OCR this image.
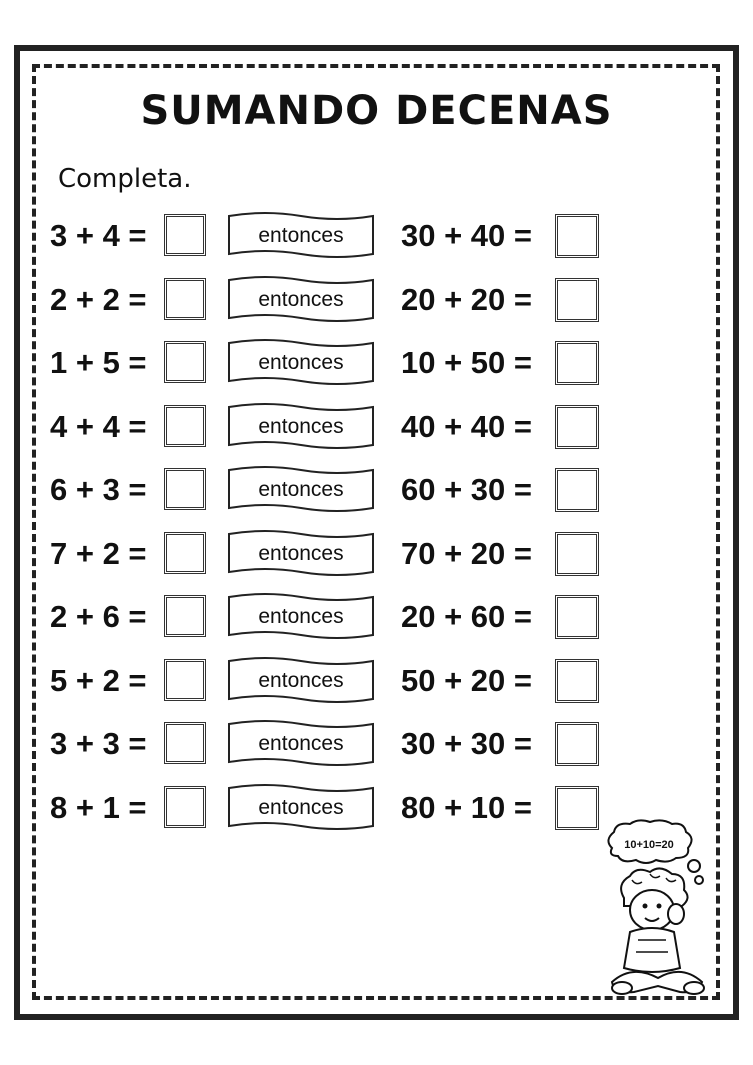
SUMANDO DECENAS
Completa.
3 + 4 =	entonces	30 + 40 =
2 + 2 =	entonces	20 + 20 =
1 + 5 =	entonces	10 + 50 =
4 + 4 =	entonces	40 + 40 =
6 + 3 =	entonces	60 + 30 =
7 + 2 =	entonces	70 + 20 =
2 + 6 =	entonces	20 + 60 =
5 + 2 =	entonces	50 + 20 =
3 + 3 =	entonces	30 + 30 =
8 + 1 =	entonces	80 + 10 =
10+10=20
